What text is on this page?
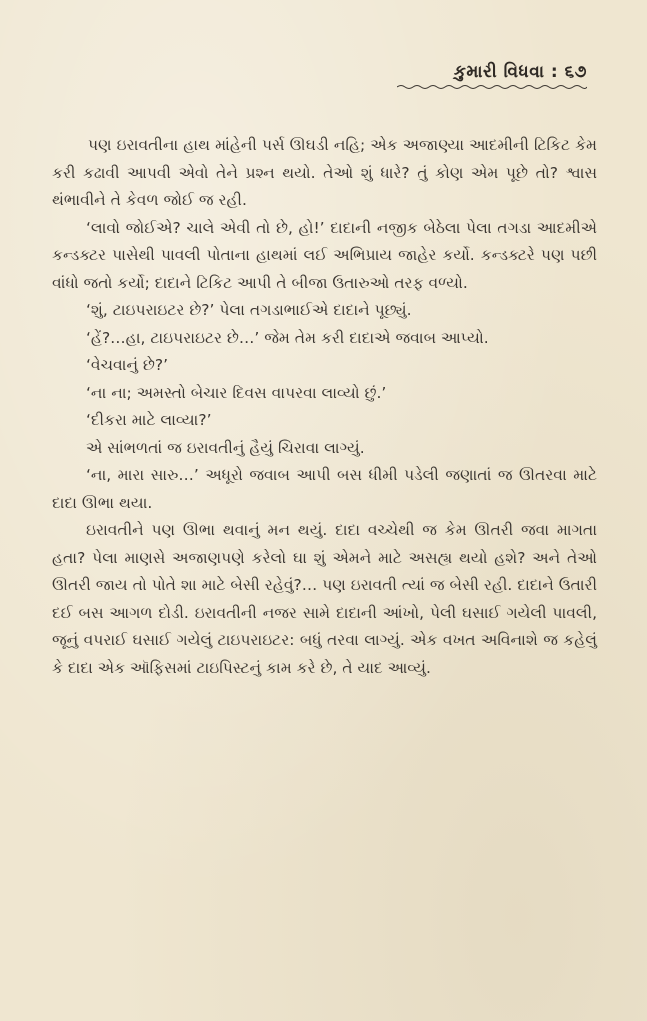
કુમારી વિધવા : ૬૭

પણ ઇરાવતીના હાથ માંહેની પર્સ ઊઘડી નહિ; એક અજાણ્યા આદમીની ટિકિટ કેમ કરી કઢાવી આપવી એવો તેને પ્રશ્ન થયો. તેઓ શું ધારે? તું કોણ એમ પૂછે તો? શ્વાસ થંભાવીને તે કેવળ જોઈ જ રહી.

‘લાવો જોઈએ? ચાલે એવી તો છે, હો!’ દાદાની નજીક બેઠેલા પેલા તગડા આદમીએ કન્ડક્ટર પાસેથી પાવલી પોતાના હાથમાં લઈ અભિપ્રાય જાહેર કર્યો. કન્ડક્ટરે પણ પછી વાંધો જતો કર્યો; દાદાને ટિકિટ આપી તે બીજા ઉતારુઓ તરફ વળ્યો.

‘શું, ટાઇપરાઇટર છે?’ પેલા તગડાભાઈએ દાદાને પૂછ્યું.

‘હેં?…હા, ટાઇપરાઇટર છે…’ જેમ તેમ કરી દાદાએ જવાબ આપ્યો.

‘વેચવાનું છે?’

‘ના ના; અમસ્તો બેચાર દિવસ વાપરવા લાવ્યો છું.’

‘દીકરા માટે લાવ્યા?’

એ સાંભળતાં જ ઇરાવતીનું હૈયું ચિરાવા લાગ્યું.

‘ના, મારા સારુ…’ અધૂરો જવાબ આપી બસ ધીમી પડેલી જણાતાં જ ઊતરવા માટે દાદા ઊભા થયા.

ઇરાવતીને પણ ઊભા થવાનું મન થયું. દાદા વચ્ચેથી જ કેમ ઊતરી જવા માગતા હતા? પેલા માણસે અજાણપણે કરેલો ઘા શું એમને માટે અસહ્ય થયો હશે? અને તેઓ ઊતરી જાય તો પોતે શા માટે બેસી રહેવું?… પણ ઇરાવતી ત્યાં જ બેસી રહી. દાદાને ઉતારી દઈ બસ આગળ દોડી. ઇરાવતીની નજર સામે દાદાની આંખો, પેલી ઘસાઈ ગયેલી પાવલી, જૂનું વપરાઈ ઘસાઈ ગયેલું ટાઇપરાઇટર: બધું તરવા લાગ્યું. એક વખત અવિનાશે જ કહેલું કે દાદા એક ઑફિસમાં ટાઇપિસ્ટનું કામ કરે છે, તે યાદ આવ્યું.
